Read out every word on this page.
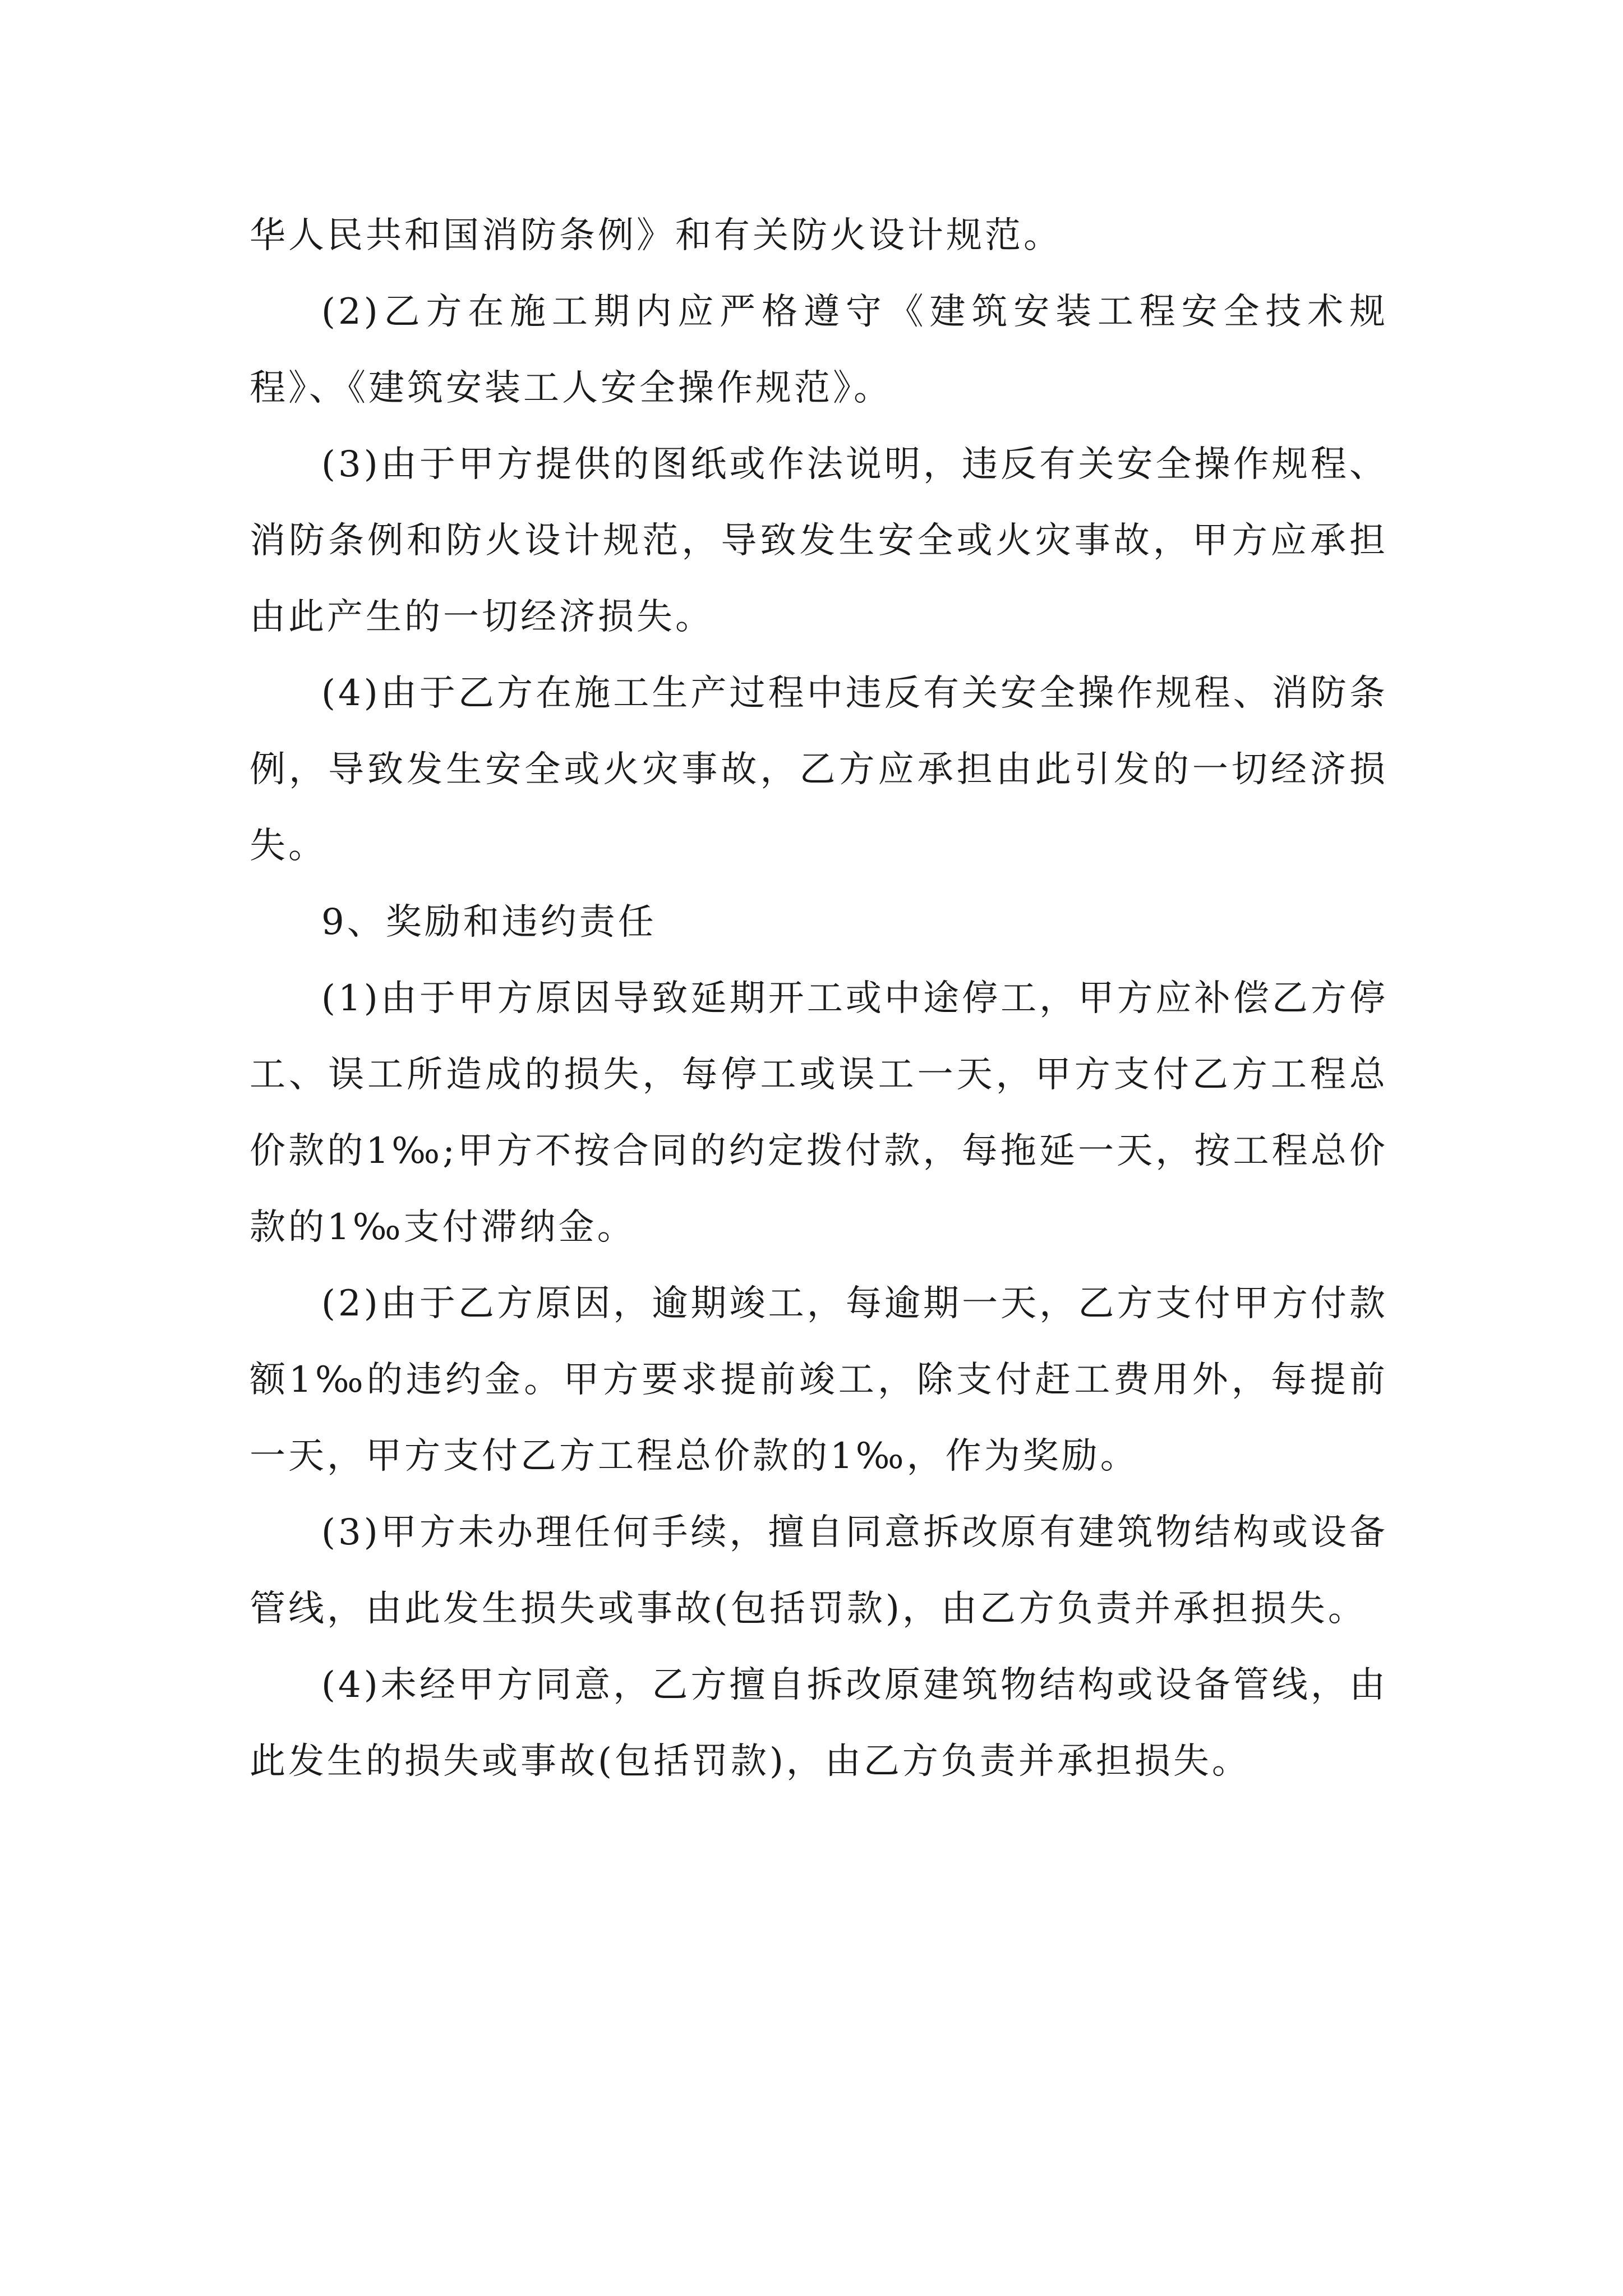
华人民共和国消防条例》和有关防火设计规范。

(2)乙方在施工期内应严格遵守《建筑安装工程安全技术规程》、《建筑安装工人安全操作规范》。

(3)由于甲方提供的图纸或作法说明，违反有关安全操作规程、消防条例和防火设计规范，导致发生安全或火灾事故，甲方应承担由此产生的一切经济损失。

(4)由于乙方在施工生产过程中违反有关安全操作规程、消防条例，导致发生安全或火灾事故，乙方应承担由此引发的一切经济损失。

9、奖励和违约责任

(1)由于甲方原因导致延期开工或中途停工，甲方应补偿乙方停工、误工所造成的损失，每停工或误工一天，甲方支付乙方工程总价款的1‰;甲方不按合同的约定拨付款，每拖延一天，按工程总价款的1‰支付滞纳金。

(2)由于乙方原因，逾期竣工，每逾期一天，乙方支付甲方付款额1‰的违约金。甲方要求提前竣工，除支付赶工费用外，每提前一天，甲方支付乙方工程总价款的1‰，作为奖励。

(3)甲方未办理任何手续，擅自同意拆改原有建筑物结构或设备管线，由此发生损失或事故(包括罚款)，由乙方负责并承担损失。

(4)未经甲方同意，乙方擅自拆改原建筑物结构或设备管线，由此发生的损失或事故(包括罚款)，由乙方负责并承担损失。
